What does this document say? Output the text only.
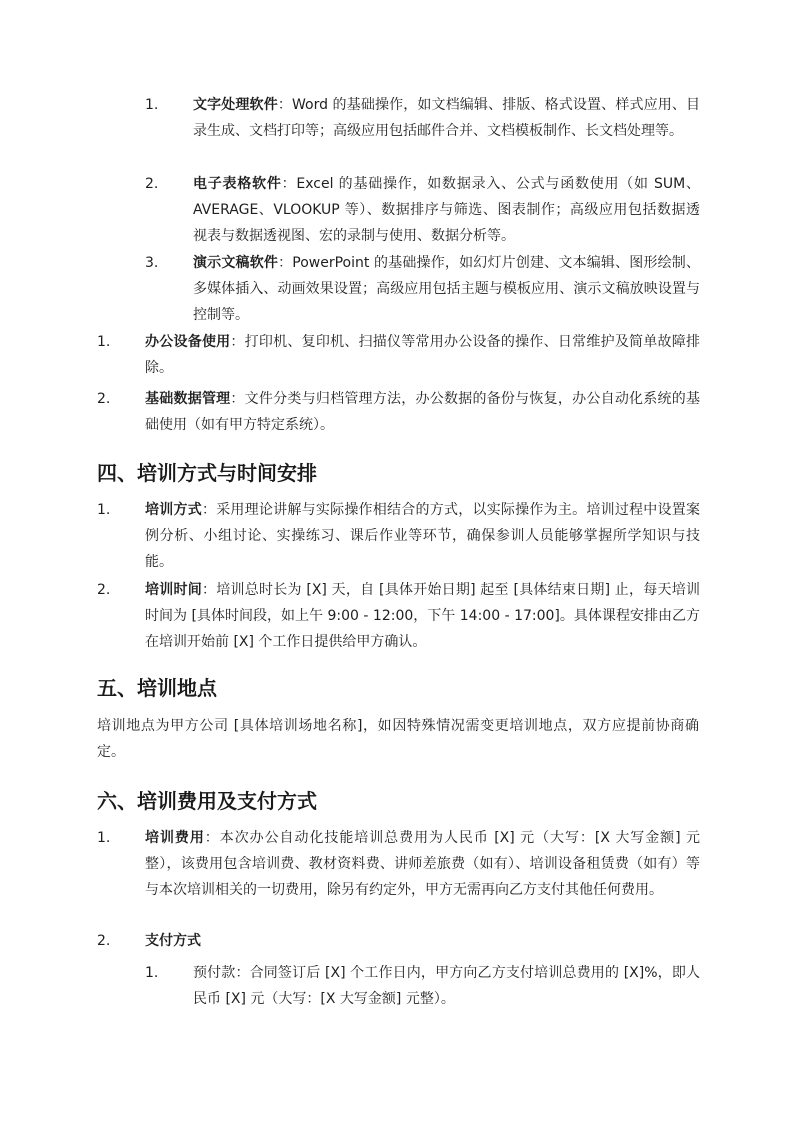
1.	文字处理软件：Word 的基础操作，如文档编辑、排版、格式设置、样式应用、目录生成、文档打印等；高级应用包括邮件合并、文档模板制作、长文档处理等。
2.	电子表格软件：Excel 的基础操作，如数据录入、公式与函数使用（如 SUM、AVERAGE、VLOOKUP 等）、数据排序与筛选、图表制作；高级应用包括数据透视表与数据透视图、宏的录制与使用、数据分析等。
3.	演示文稿软件：PowerPoint 的基础操作，如幻灯片创建、文本编辑、图形绘制、多媒体插入、动画效果设置；高级应用包括主题与模板应用、演示文稿放映设置与控制等。
1.	办公设备使用：打印机、复印机、扫描仪等常用办公设备的操作、日常维护及简单故障排除。
2.	基础数据管理：文件分类与归档管理方法，办公数据的备份与恢复，办公自动化系统的基础使用（如有甲方特定系统）。
四、培训方式与时间安排
1.	培训方式：采用理论讲解与实际操作相结合的方式，以实际操作为主。培训过程中设置案例分析、小组讨论、实操练习、课后作业等环节，确保参训人员能够掌握所学知识与技能。
2.	培训时间：培训总时长为 [X] 天，自 [具体开始日期] 起至 [具体结束日期] 止，每天培训时间为 [具体时间段，如上午 9:00 - 12:00，下午 14:00 - 17:00]。具体课程安排由乙方在培训开始前 [X] 个工作日提供给甲方确认。
五、培训地点
培训地点为甲方公司 [具体培训场地名称]，如因特殊情况需变更培训地点，双方应提前协商确定。
六、培训费用及支付方式
1.	培训费用：本次办公自动化技能培训总费用为人民币 [X] 元（大写：[X 大写金额] 元整），该费用包含培训费、教材资料费、讲师差旅费（如有）、培训设备租赁费（如有）等与本次培训相关的一切费用，除另有约定外，甲方无需再向乙方支付其他任何费用。
2.	支付方式
1.	预付款：合同签订后 [X] 个工作日内，甲方向乙方支付培训总费用的 [X]%，即人民币 [X] 元（大写：[X 大写金额] 元整）。
